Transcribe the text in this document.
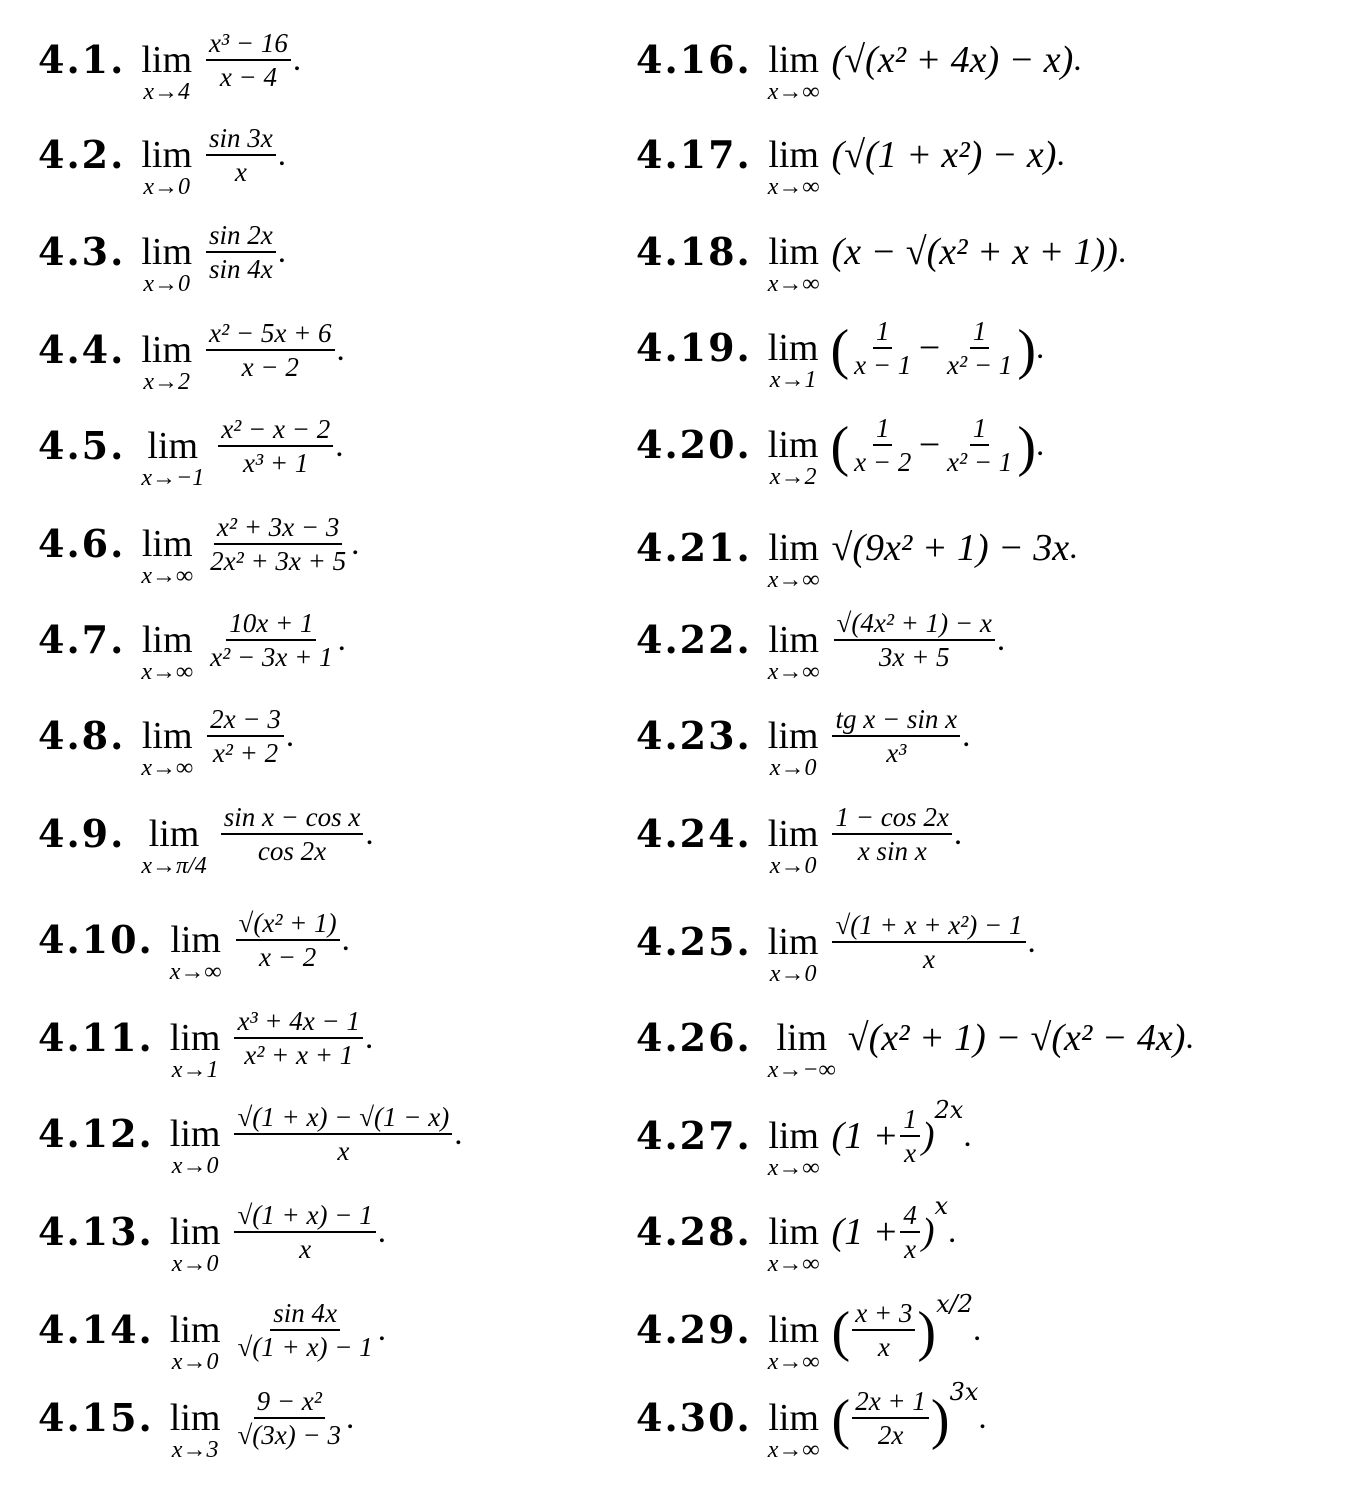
4.1. lim
x→4
$\frac{\text{x³ − 16}}{x - 4}$ .
4.2. lim
x→0
$\frac{\sin 3x}{x}$ .
4.3. lim
x→0
$\frac{\sin 2x}{\sin 4x}$ .
4.4. lim
x→2
$\frac{\text{x² − 5x + 6}}{x - 2}$ .
4.5. lim
x→−1
$\frac{\text{x² − x − 2}}{\text{x³ + 1}}$ .
4.6. lim
x→∞
$\frac{\text{x² + 3x − 3}}{\text{2x² + 3x + 5}}$ .
4.7. lim
x→∞
$\frac{10x + 1}{\text{x² − 3x + 1}}$ .
4.8. lim
x→∞
$\frac{2x - 3}{\text{x² + 2}}$ .
4.9. lim
x→π/4
$\frac{\text{sin x − cos x}}{\cos 2x}$ .
4.10. lim
x→∞
$\frac{\text{√(x² + 1)}}{x - 2}$ .
4.11. lim
x→1
$\frac{\text{x³ + 4x − 1}}{\text{x² + x + 1}}$ .
4.12. lim
x→0
$\frac{√(1 + x) - √(1 - x)}{x}$ .
4.13. lim
x→0
$\frac{√(1 + x) - 1}{x}$ .
4.14. lim
x→0
$\frac{\sin 4x}{√(1 + x) - 1}$ .
4.15. lim
x→3
$\frac{\text{9 − x²}}{√(3x) - 3}$ .
4.16. lim
x→∞
(√(x² + 4x) − x) .
4.17. lim
x→∞
(√(1 + x²) − x) .
4.18. lim
x→∞
(x − √(x² + x + 1)) .
4.19. lim
x→1 ( $\frac{1}{x - 1} - \frac{1}{\text{x² − 1}}$ ) .
4.20. lim
x→2 ( $\frac{1}{x - 2} - \frac{1}{\text{x² − 1}}$ ) .
4.21. lim
x→∞
√(9x² + 1) − 3x .
4.22. lim
x→∞
$\frac{\text{√(4x² + 1) − x}}{3x + 5}$ .
4.23. lim
x→0
$\frac{\text{tg x − sin x}}{\text{x³}}$ .
4.24. lim
x→0
$\frac{1 - \cos 2x}{\text{x sin x}}$ .
4.25. lim
x→0
$\frac{\text{√(1 + x + x²) − 1}}{x}$ .
4.26. lim
x→−∞
√(x² + 1) − √(x² − 4x) .
4.27. lim
x→∞
($1 + \frac{1}{x}$ )
2x
.
4.28. lim
x→∞
($1 + \frac{4}{x}$ )
x
.
4.29. lim
x→∞ ( $\frac{x + 3}{x}$ ) x/2
.
4.30. lim
x→∞ ( $\frac{2x + 1}{2x}$ ) 3x
.
